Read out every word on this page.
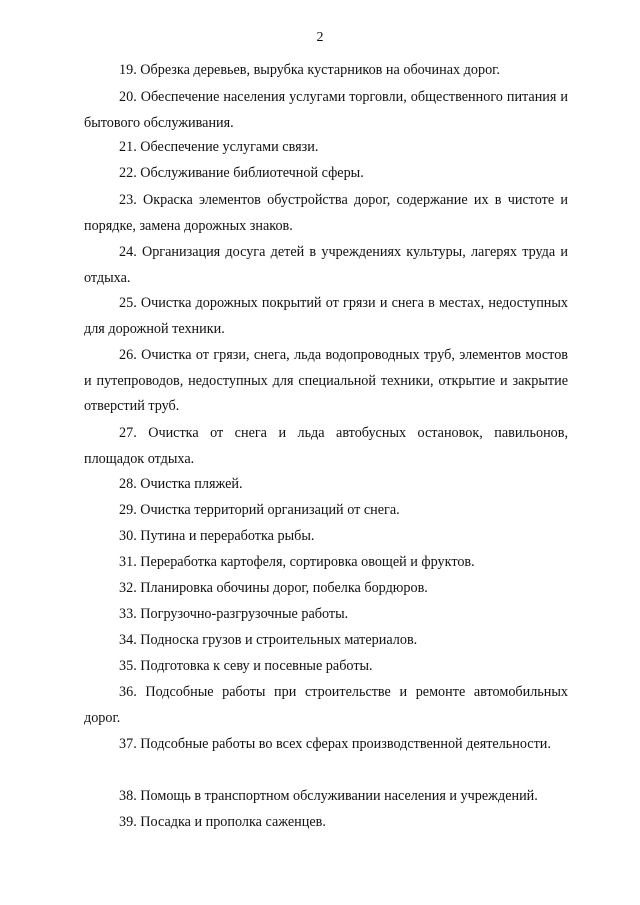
2

19. Обрезка деревьев, вырубка кустарников на обочинах дорог.

20. Обеспечение населения услугами торговли, общественного питания и бытового обслуживания.

21. Обеспечение услугами связи.

22. Обслуживание библиотечной сферы.

23. Окраска элементов обустройства дорог, содержание их в чистоте и порядке, замена дорожных знаков.

24. Организация досуга детей в учреждениях культуры, лагерях труда и отдыха.

25. Очистка дорожных покрытий от грязи и снега в местах, недоступных для дорожной техники.

26. Очистка от грязи, снега, льда водопроводных труб, элементов мостов и путепроводов, недоступных для специальной техники, открытие и закрытие отверстий труб.

27. Очистка от снега и льда автобусных остановок, павильонов, площадок отдыха.

28. Очистка пляжей.

29. Очистка территорий организаций от снега.

30. Путина и переработка рыбы.

31. Переработка картофеля, сортировка овощей и фруктов.

32. Планировка обочины дорог, побелка бордюров.

33. Погрузочно-разгрузочные работы.

34. Подноска грузов и строительных материалов.

35. Подготовка к севу и посевные работы.

36. Подсобные работы при строительстве и ремонте автомобильных дорог.

37. Подсобные работы во всех сферах производственной деятельности.

38. Помощь в транспортном обслуживании населения и учреждений.

39. Посадка и прополка саженцев.
